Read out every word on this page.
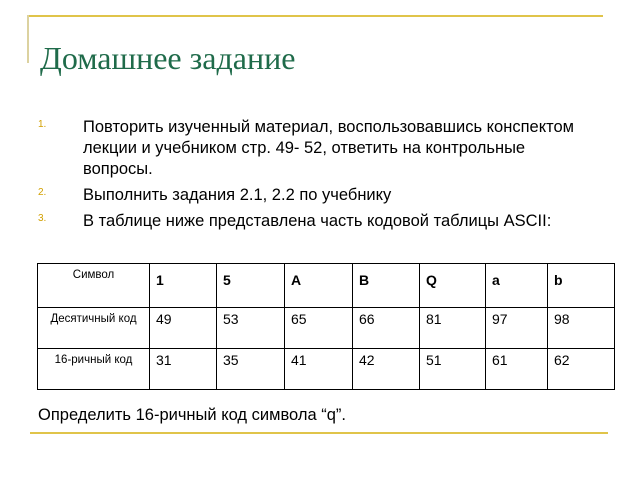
Домашнее задание
1. Повторить изученный материал, воспользовавшись конспектом лекции и учебником стр. 49- 52, ответить на контрольные вопросы.
2. Выполнить задания 2.1, 2.2 по учебнику
3. В таблице ниже представлена часть кодовой таблицы ASCII:
Символ	1	5	A	B	Q	a	b
Десятичный код	49	53	65	66	81	97	98
16-ричный код	31	35	41	42	51	61	62
Определить 16-ричный код символа “q”.
